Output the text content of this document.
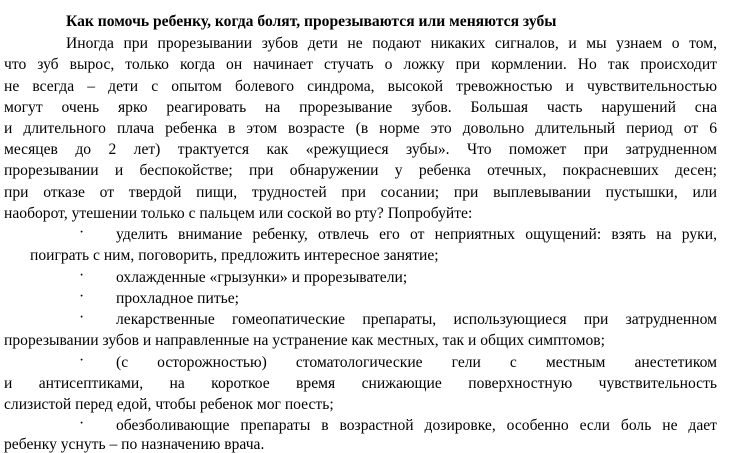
Как помочь ребенку, когда болят, прорезываются или меняются зубы
Иногда при прорезывании зубов дети не подают никаких сигналов, и мы узнаем о том,
что зуб вырос, только когда он начинает стучать о ложку при кормлении. Но так происходит
не всегда – дети с опытом болевого синдрома, высокой тревожностью и чувствительностью
могут очень ярко реагировать на прорезывание зубов. Большая часть нарушений сна
и длительного плача ребенка в этом возрасте (в норме это довольно длительный период от 6
месяцев до 2 лет) трактуется как «режущиеся зубы». Что поможет при затрудненном
прорезывании и беспокойстве; при обнаружении у ребенка отечных, покрасневших десен;
при отказе от твердой пищи, трудностей при сосании; при выплевывании пустышки, или
наоборот, утешении только с пальцем или соской во рту? Попробуйте:
· уделить внимание ребенку, отвлечь его от неприятных ощущений: взять на руки,
поиграть с ним, поговорить, предложить интересное занятие;
· охлажденные «грызунки» и прорезыватели;
· прохладное питье;
· лекарственные гомеопатические препараты, использующиеся при затрудненном
прорезывании зубов и направленные на устранение как местных, так и общих симптомов;
· (с осторожностью) стоматологические гели с местным анестетиком
и антисептиками, на короткое время снижающие поверхностную чувствительность
слизистой перед едой, чтобы ребенок мог поесть;
· обезболивающие препараты в возрастной дозировке, особенно если боль не дает
ребенку уснуть – по назначению врача.
